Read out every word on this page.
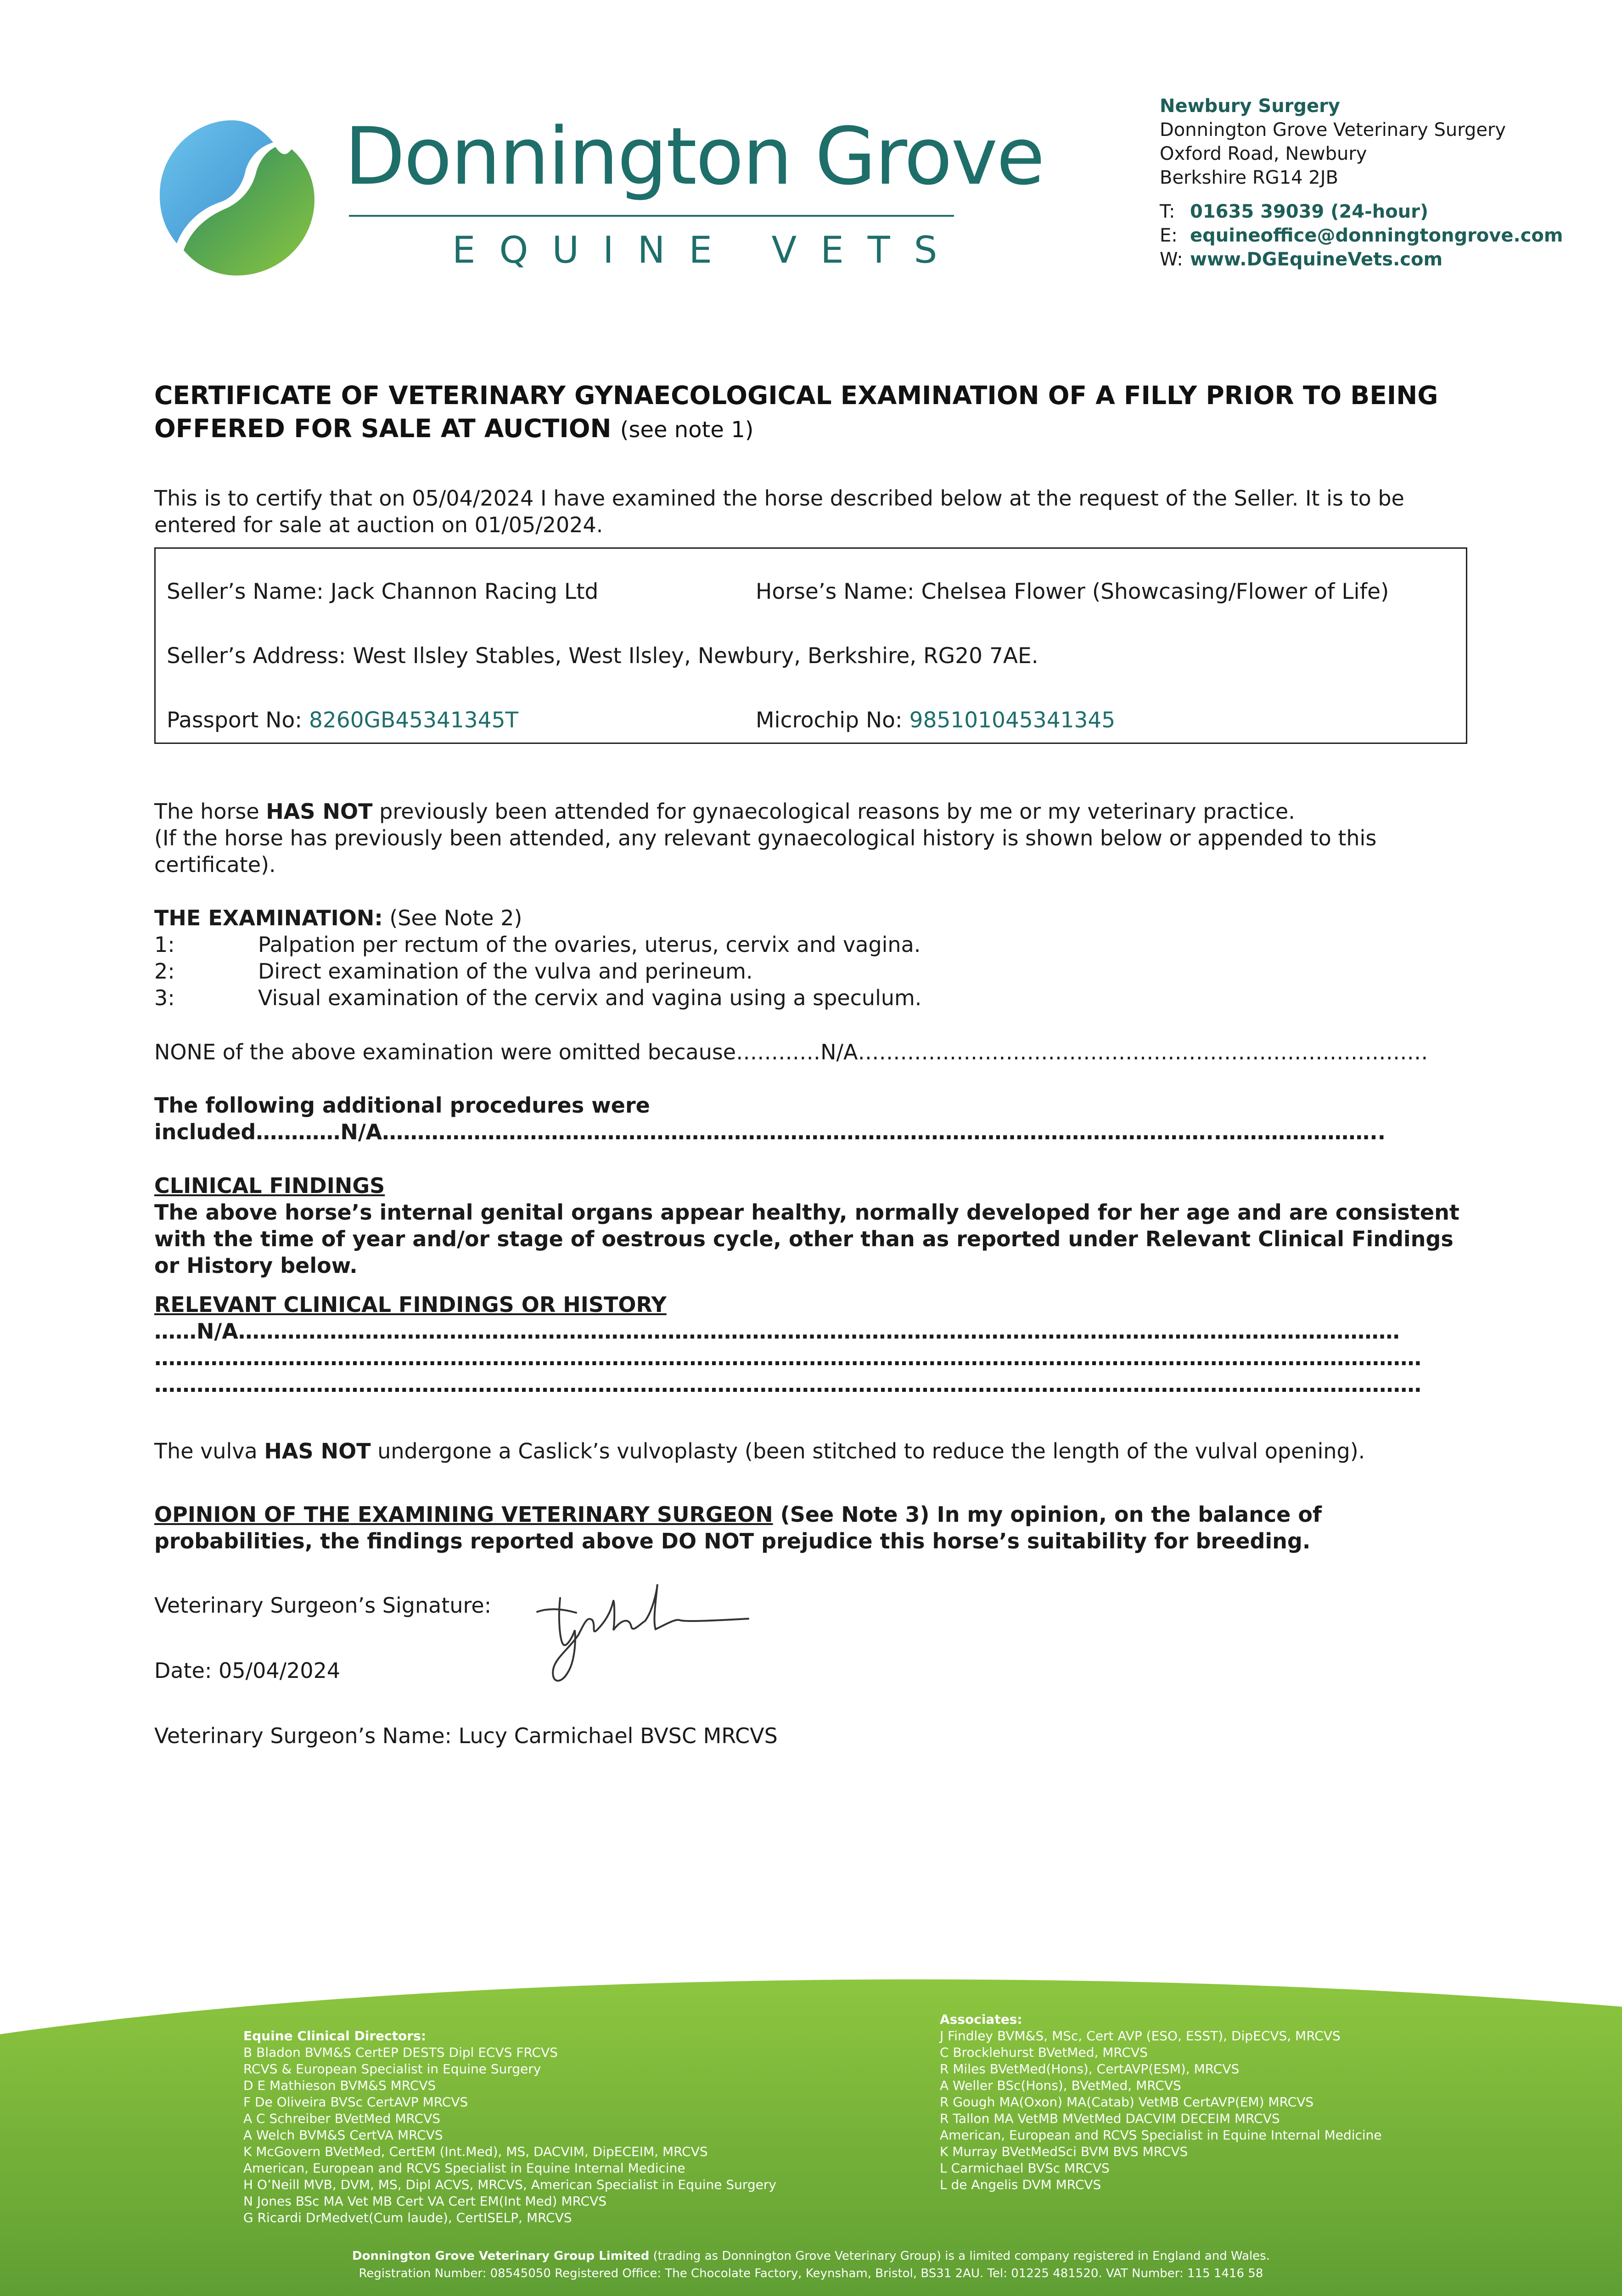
Donnington Grove
EQUINE VETS
Newbury Surgery
Donnington Grove Veterinary Surgery
Oxford Road, Newbury
Berkshire RG14 2JB
T: 01635 39039 (24-hour)
E: equineoffice@donningtongrove.com
W: www.DGEquineVets.com
CERTIFICATE OF VETERINARY GYNAECOLOGICAL EXAMINATION OF A FILLY PRIOR TO BEING OFFERED FOR SALE AT AUCTION (see note 1)
This is to certify that on 05/04/2024 I have examined the horse described below at the request of the Seller. It is to be entered for sale at auction on 01/05/2024.
Seller’s Name: Jack Channon Racing Ltd	Horse’s Name: Chelsea Flower (Showcasing/Flower of Life)
Seller’s Address: West Ilsley Stables, West Ilsley, Newbury, Berkshire, RG20 7AE.
Passport No: 8260GB45341345T	Microchip No: 985101045341345
The horse HAS NOT previously been attended for gynaecological reasons by me or my veterinary practice.
(If the horse has previously been attended, any relevant gynaecological history is shown below or appended to this certificate).
THE EXAMINATION: (See Note 2)
1:	Palpation per rectum of the ovaries, uterus, cervix and vagina.
2:	Direct examination of the vulva and perineum.
3:	Visual examination of the cervix and vagina using a speculum.
NONE of the above examination were omitted because…………N/A………………………………………………………………………
The following additional procedures were
included…………N/A………………………………………………………………………………………………………..…………………..
CLINICAL FINDINGS
The above horse’s internal genital organs appear healthy, normally developed for her age and are consistent with the time of year and/or stage of oestrous cycle, other than as reported under Relevant Clinical Findings or History below.
RELEVANT CLINICAL FINDINGS OR HISTORY
……N/A…………………………………………………………………………………………………………………………………………………
………………………………………………………………………………………………………………………………………………………………
………………………………………………………………………………………………………………………………………………………………
The vulva HAS NOT undergone a Caslick’s vulvoplasty (been stitched to reduce the length of the vulval opening).
OPINION OF THE EXAMINING VETERINARY SURGEON (See Note 3) In my opinion, on the balance of probabilities, the findings reported above DO NOT prejudice this horse’s suitability for breeding.
Veterinary Surgeon’s Signature:
Date: 05/04/2024
Veterinary Surgeon’s Name: Lucy Carmichael BVSC MRCVS
Equine Clinical Directors:
B Bladon BVM&S CertEP DESTS Dipl ECVS FRCVS
RCVS & European Specialist in Equine Surgery
D E Mathieson BVM&S MRCVS
F De Oliveira BVSc CertAVP MRCVS
A C Schreiber BVetMed MRCVS
A Welch BVM&S CertVA MRCVS
K McGovern BVetMed, CertEM (Int.Med), MS, DACVIM, DipECEIM, MRCVS
American, European and RCVS Specialist in Equine Internal Medicine
H O’Neill MVB, DVM, MS, Dipl ACVS, MRCVS, American Specialist in Equine Surgery
N Jones BSc MA Vet MB Cert VA Cert EM(Int Med) MRCVS
G Ricardi DrMedvet(Cum laude), CertISELP, MRCVS
Associates:
J Findley BVM&S, MSc, Cert AVP (ESO, ESST), DipECVS, MRCVS
C Brocklehurst BVetMed, MRCVS
R Miles BVetMed(Hons), CertAVP(ESM), MRCVS
A Weller BSc(Hons), BVetMed, MRCVS
R Gough MA(Oxon) MA(Catab) VetMB CertAVP(EM) MRCVS
R Tallon MA VetMB MVetMed DACVIM DECEIM MRCVS
American, European and RCVS Specialist in Equine Internal Medicine
K Murray BVetMedSci BVM BVS MRCVS
L Carmichael BVSc MRCVS
L de Angelis DVM MRCVS
Donnington Grove Veterinary Group Limited (trading as Donnington Grove Veterinary Group) is a limited company registered in England and Wales.
Registration Number: 08545050 Registered Office: The Chocolate Factory, Keynsham, Bristol, BS31 2AU. Tel: 01225 481520. VAT Number: 115 1416 58
